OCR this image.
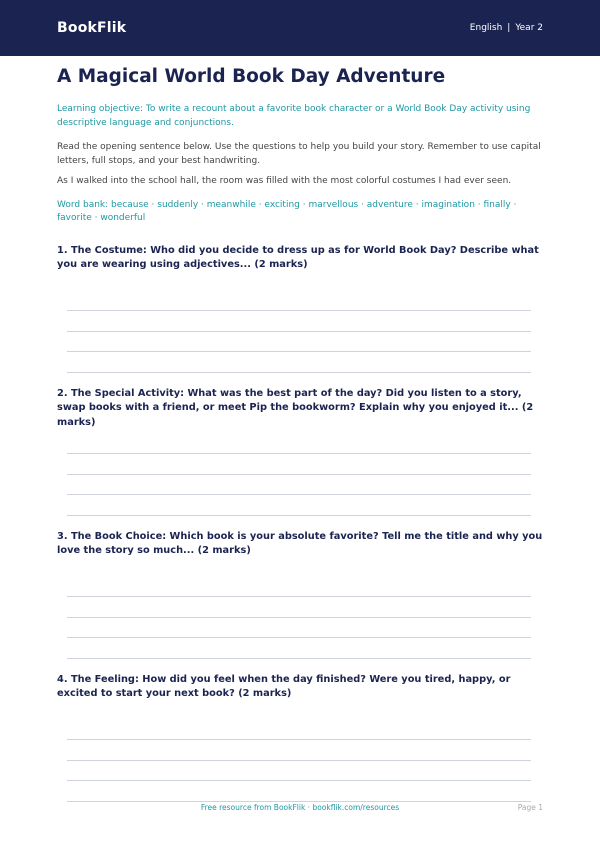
BookFlik	English | Year 2
A Magical World Book Day Adventure

Learning objective: To write a recount about a favorite book character or a World Book Day activity using descriptive language and conjunctions.

Read the opening sentence below. Use the questions to help you build your story. Remember to use capital letters, full stops, and your best handwriting.

As I walked into the school hall, the room was filled with the most colorful costumes I had ever seen.

Word bank: because · suddenly · meanwhile · exciting · marvellous · adventure · imagination · finally · favorite · wonderful

1. The Costume: Who did you decide to dress up as for World Book Day? Describe what you are wearing using adjectives... (2 marks)
2. The Special Activity: What was the best part of the day? Did you listen to a story, swap books with a friend, or meet Pip the bookworm? Explain why you enjoyed it... (2 marks)
3. The Book Choice: Which book is your absolute favorite? Tell me the title and why you love the story so much... (2 marks)
4. The Feeling: How did you feel when the day finished? Were you tired, happy, or excited to start your next book? (2 marks)
Free resource from BookFlik · bookflik.com/resources	Page 1
